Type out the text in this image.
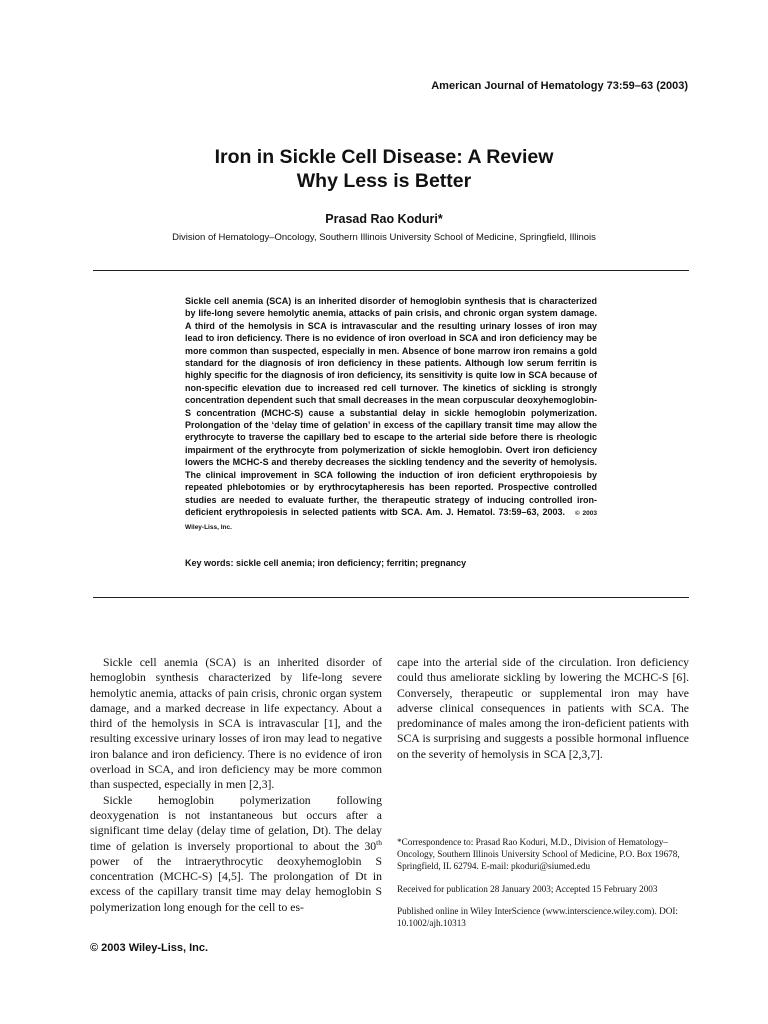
American Journal of Hematology 73:59–63 (2003)
Iron in Sickle Cell Disease: A Review
Why Less is Better
Prasad Rao Koduri*
Division of Hematology–Oncology, Southern Illinois University School of Medicine, Springfield, Illinois
Sickle cell anemia (SCA) is an inherited disorder of hemoglobin synthesis that is characterized by life-long severe hemolytic anemia, attacks of pain crisis, and chronic organ system damage. A third of the hemolysis in SCA is intravascular and the resulting urinary losses of iron may lead to iron deficiency. There is no evidence of iron overload in SCA and iron deficiency may be more common than suspected, especially in men. Absence of bone marrow iron remains a gold standard for the diagnosis of iron deficiency in these patients. Although low serum ferritin is highly specific for the diagnosis of iron deficiency, its sensitivity is quite low in SCA because of non-specific elevation due to increased red cell turnover. The kinetics of sickling is strongly concentration dependent such that small decreases in the mean corpuscular deoxyhemoglobin-S concentration (MCHC-S) cause a substantial delay in sickle hemoglobin polymerization. Prolongation of the ‘delay time of gelation’ in excess of the capillary transit time may allow the erythrocyte to traverse the capillary bed to escape to the arterial side before there is rheologic impairment of the erythrocyte from polymerization of sickle hemoglobin. Overt iron deficiency lowers the MCHC-S and thereby decreases the sickling tendency and the severity of hemolysis. The clinical improvement in SCA following the induction of iron deficient erythropoiesis by repeated phlebotomies or by erythrocytapheresis has been reported. Prospective controlled studies are needed to evaluate further, the therapeutic strategy of inducing controlled iron-deficient erythropoiesis in selected patients witb SCA. Am. J. Hematol. 73:59–63, 2003. © 2003 Wiley-Liss, Inc.
Key words: sickle cell anemia; iron deficiency; ferritin; pregnancy

Sickle cell anemia (SCA) is an inherited disorder of hemoglobin synthesis characterized by life-long severe hemolytic anemia, attacks of pain crisis, chronic organ system damage, and a marked decrease in life expectancy. About a third of the hemolysis in SCA is intravascular [1], and the resulting excessive urinary losses of iron may lead to negative iron balance and iron deficiency. There is no evidence of iron overload in SCA, and iron deficiency may be more common than suspected, especially in men [2,3].

Sickle hemoglobin polymerization following deoxygenation is not instantaneous but occurs after a significant time delay (delay time of gelation, Dt). The delay time of gelation is inversely proportional to about the 30th power of the intraerythrocytic deoxyhemoglobin S concentration (MCHC-S) [4,5]. The prolongation of Dt in excess of the capillary transit time may delay hemoglobin S polymerization long enough for the cell to es-

cape into the arterial side of the circulation. Iron deficiency could thus ameliorate sickling by lowering the MCHC-S [6]. Conversely, therapeutic or supplemental iron may have adverse clinical consequences in patients with SCA. The predominance of males among the iron-deficient patients with SCA is surprising and suggests a possible hormonal influence on the severity of hemolysis in SCA [2,3,7].

*Correspondence to: Prasad Rao Koduri, M.D., Division of Hematology–Oncology, Southern Illinois University School of Medicine, P.O. Box 19678, Springfield, IL 62794. E-mail: pkoduri@siumed.edu

Received for publication 28 January 2003; Accepted 15 February 2003

Published online in Wiley InterScience (www.interscience.wiley.com). DOI: 10.1002/ajh.10313

© 2003 Wiley-Liss, Inc.
